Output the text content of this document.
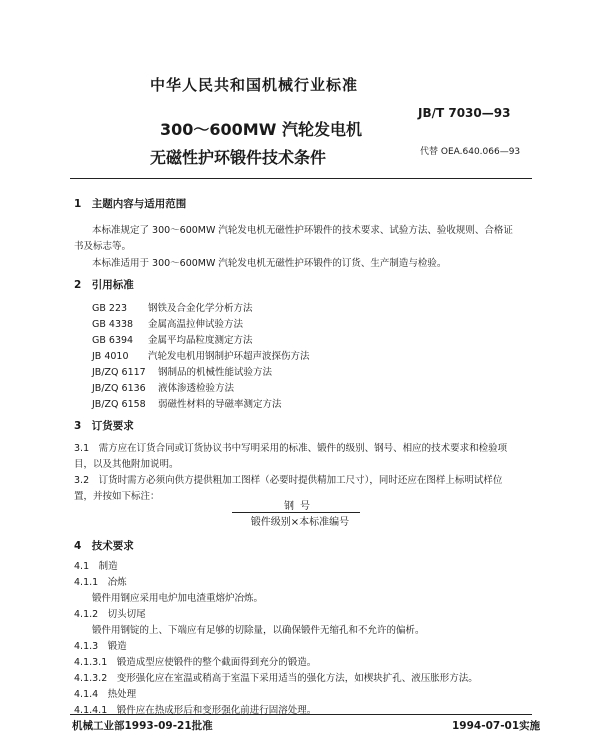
中华人民共和国机械行业标准
300～600MW 汽轮发电机
无磁性护环锻件技术条件
JB/T 7030—93
代替 OEA.640.066—93
1　主题内容与适用范围
本标准规定了 300～600MW 汽轮发电机无磁性护环锻件的技术要求、试验方法、验收规则、合格证
书及标志等。
本标准适用于 300～600MW 汽轮发电机无磁性护环锻件的订货、生产制造与检验。
2　引用标准
GB 223 钢铁及合金化学分析方法
GB 4338 金属高温拉伸试验方法
GB 6394 金属平均晶粒度测定方法
JB 4010 汽轮发电机用钢制护环超声波探伤方法
JB/ZQ 6117 钢制品的机械性能试验方法
JB/ZQ 6136 液体渗透检验方法
JB/ZQ 6158 弱磁性材料的导磁率测定方法
3　订货要求
3.1　需方应在订货合同或订货协议书中写明采用的标准、锻件的级别、钢号、相应的技术要求和检验项
目，以及其他附加说明。
3.2　订货时需方必须向供方提供粗加工图样（必要时提供精加工尺寸），同时还应在图样上标明试样位
置，并按如下标注：
钢号
锻件级别×本标准编号
4　技术要求
4.1　制造
4.1.1　冶炼
锻件用钢应采用电炉加电渣重熔炉冶炼。
4.1.2　切头切尾
锻件用钢锭的上、下端应有足够的切除量，以确保锻件无缩孔和不允许的偏析。
4.1.3　锻造
4.1.3.1　锻造成型应使锻件的整个截面得到充分的锻造。
4.1.3.2　变形强化应在室温或稍高于室温下采用适当的强化方法，如楔块扩孔、液压胀形方法。
4.1.4　热处理
4.1.4.1　锻件应在热成形后和变形强化前进行固溶处理。
机械工业部1993-09-21批准	1994-07-01实施
